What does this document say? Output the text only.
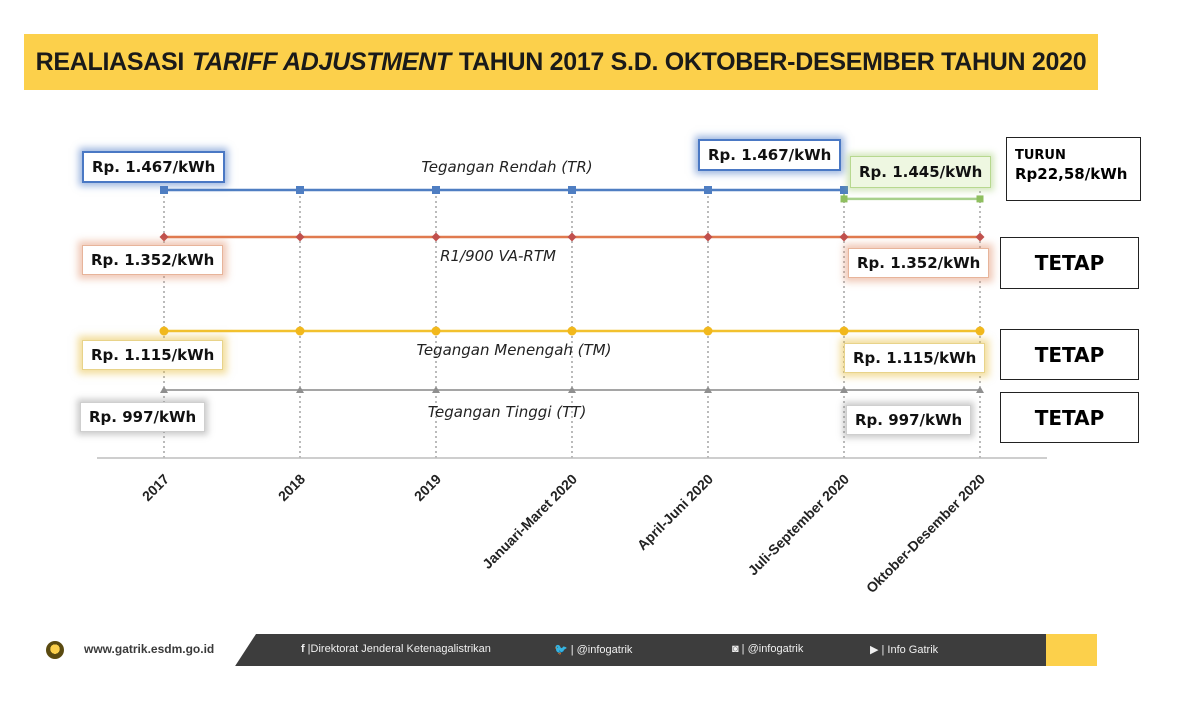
REALIASASI TARIFF ADJUSTMENT TAHUN 2017 S.D. OKTOBER-DESEMBER TAHUN 2020
2017	2018	2019 Januari-Maret 2020	April-Juni 2020 Juli-September 2020 Oktober-Desember 2020
Rp. 1.467/kWh
Rp. 1.467/kWh
Rp. 1.445/kWh
Rp. 1.352/kWh	Rp. 1.352/kWh
Rp. 1.115/kWh	Rp. 1.115/kWh
Rp. 997/kWh	Rp. 997/kWh
Tegangan Rendah (TR)
R1/900 VA-RTM
Tegangan Menengah (TM)
Tegangan Tinggi (TT)
TURUN
Rp22,58/kWh
TETAP
TETAP
TETAP
www.gatrik.esdm.go.id	f |Direktorat Jenderal Ketenagalistrikan	🐦 | @infogatrik	◙ | @infogatrik	▶ | Info Gatrik
